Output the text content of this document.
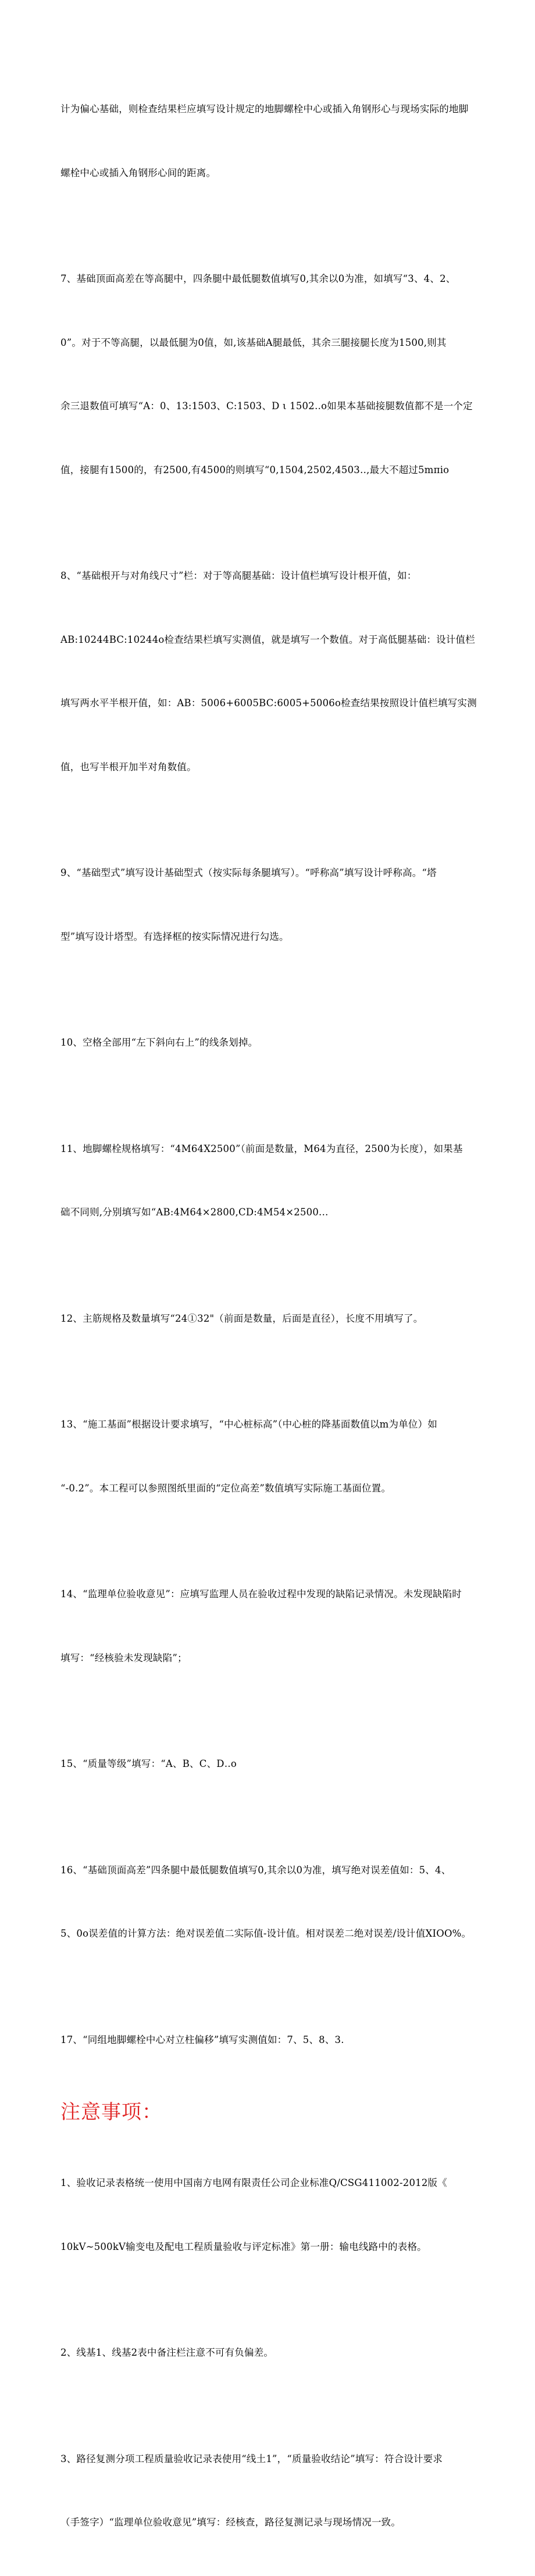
计为偏心基础，则检查结果栏应填写设计规定的地脚螺栓中心或插入角钢形心与现场实际的地脚

螺栓中心或插入角钢形心间的距离。

7、基础顶面高差在等高腿中，四条腿中最低腿数值填写0,其余以0为准，如填写“3、4、2、

0”。对于不等高腿，以最低腿为0值，如,该基础A腿最低，其余三腿接腿长度为1500,则其

余三退数值可填写“A：0、13:1503、C:1503、D ι 1502‥o如果本基础接腿数值都不是一个定

值，接腿有1500的，有2500,有4500的则填写“0,1504,2502,4503‥,最大不超过5mπio

8、“基础根开与对角线尺寸”栏：对于等高腿基础：设计值栏填写设计根开值，如：

AB:10244BC:10244o检查结果栏填写实测值，就是填写一个数值。对于高低腿基础：设计值栏

填写两水平半根开值，如：AB：5006+6005BC:6005+5006o检查结果按照设计值栏填写实测

值，也写半根开加半对角数值。

9、“基础型式”填写设计基础型式（按实际每条腿填写）。“呼称高”填写设计呼称高。“塔

型”填写设计塔型。有选择框的按实际情况进行勾选。

10、空格全部用“左下斜向右上”的线条划掉。

11、地脚螺栓规格填写：“4M64X2500”（前面是数量，M64为直径，2500为长度），如果基

础不同则,分别填写如“AB:4M64×2800,CD:4M54×2500.‥

12、主筋规格及数量填写“24①32"（前面是数量，后面是直径），长度不用填写了。

13、“施工基面”根据设计要求填写，“中心桩标高”（中心桩的降基面数值以m为单位）如

“-0.2”。本工程可以参照图纸里面的“定位高差”数值填写实际施工基面位置。

14、“监理单位验收意见”：应填写监理人员在验收过程中发现的缺陷记录情况。未发现缺陷时

填写：“经核验未发现缺陷”；

15、“质量等级”填写：“A、B、C、D‥o

16、“基础顶面高差”四条腿中最低腿数值填写0,其余以0为准，填写绝对误差值如：5、4、

5、0o误差值的计算方法：绝对误差值二实际值-设计值。相对误差二绝对误差/设计值XIOO%。

17、“同组地脚螺栓中心对立柱偏移”填写实测值如：7、5、8、3.

注意事项：

1、验收记录表格统一使用中国南方电网有限责任公司企业标准Q/CSG411002-2012版《

10kV~500kV输变电及配电工程质量验收与评定标准》第一册：输电线路中的表格。

2、线基1、线基2表中备注栏注意不可有负偏差。

3、路径复测分项工程质量验收记录表使用“线土1”，“质量验收结论”填写：符合设计要求

（手签字）“监理单位验收意见”填写：经核查，路径复测记录与现场情况一致。
